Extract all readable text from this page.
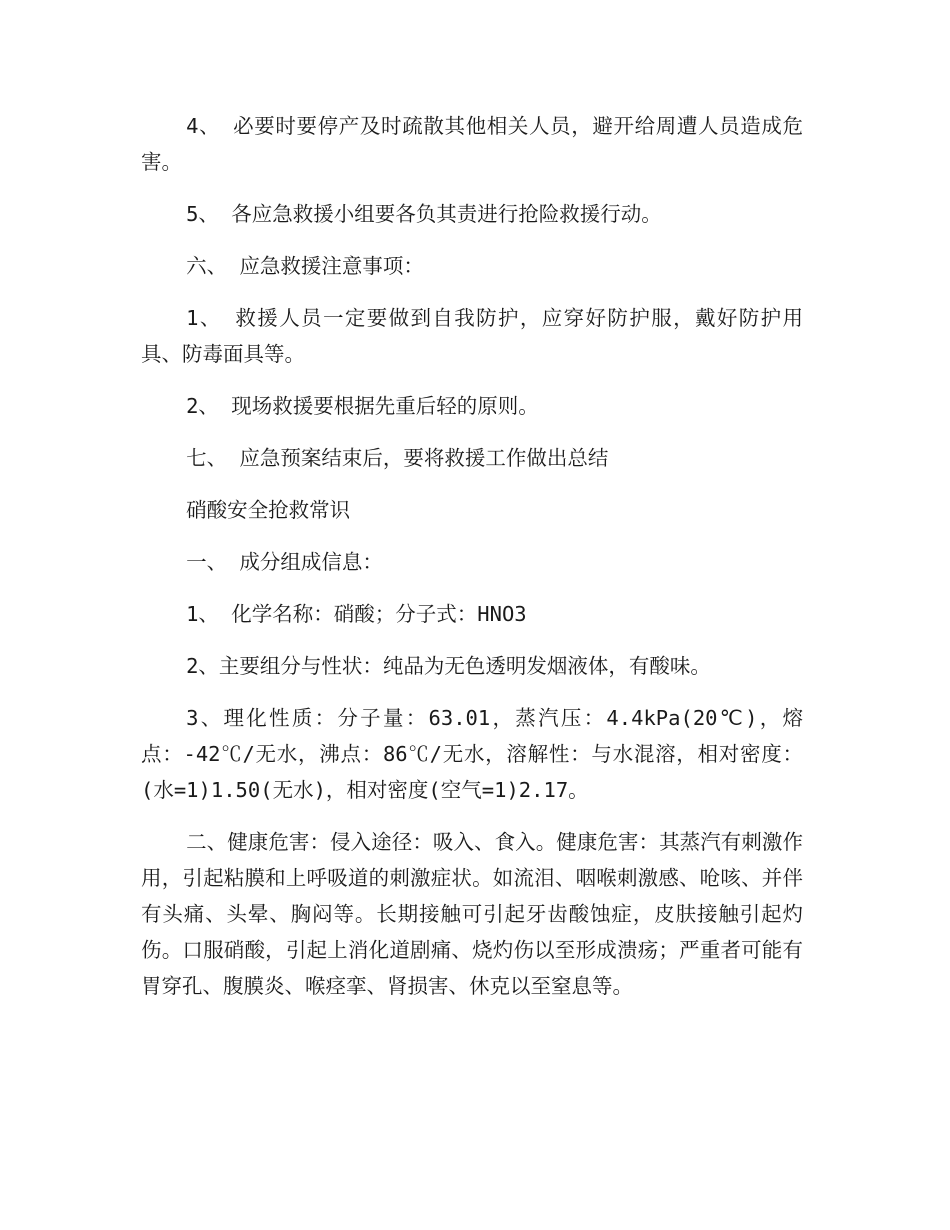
4、 必要时要停产及时疏散其他相关人员，避开给周遭人员造成危害。

5、 各应急救援小组要各负其责进行抢险救援行动。

六、 应急救援注意事项：

1、 救援人员一定要做到自我防护，应穿好防护服，戴好防护用具、防毒面具等。

2、 现场救援要根据先重后轻的原则。

七、 应急预案结束后，要将救援工作做出总结

硝酸安全抢救常识

一、 成分组成信息：

1、 化学名称：硝酸；分子式：HNO3

2、主要组分与性状：纯品为无色透明发烟液体，有酸味。

3、理化性质：分子量：63.01，蒸汽压：4.4kPa(20℃)，熔点：-42℃/无水，沸点：86℃/无水，溶解性：与水混溶，相对密度：(水=1)1.50(无水)，相对密度(空气=1)2.17。

二、健康危害：侵入途径：吸入、食入。健康危害：其蒸汽有刺激作用，引起粘膜和上呼吸道的刺激症状。如流泪、咽喉刺激感、呛咳、并伴有头痛、头晕、胸闷等。长期接触可引起牙齿酸蚀症，皮肤接触引起灼伤。口服硝酸，引起上消化道剧痛、烧灼伤以至形成溃疡；严重者可能有胃穿孔、腹膜炎、喉痉挛、肾损害、休克以至窒息等。
